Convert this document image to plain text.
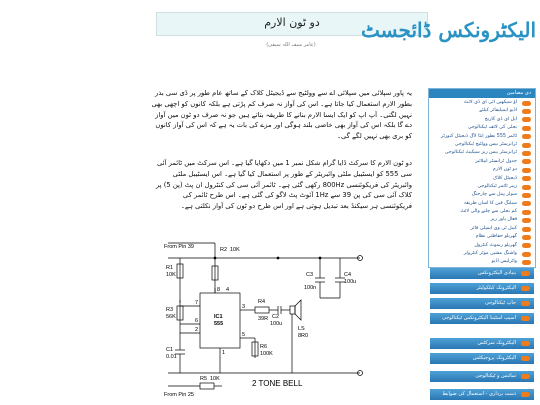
دو ٹون الارم
(عامر سیف اللہ سیفی)

یہ پاور سپلائی میں سپلائی اے سے وولٹیج سے ڈیجیٹل کلاک کے ساتھ عام طور پر ڈی سی بذر بطور الارم استعمال کیا جاتا ہے۔ اس کی آواز نہ صرف کم پڑتی ہے بلکہ کانوں کو اچھی بھی نہیں لگتی۔ آپ اپ کو ایک ایسا الارم بنانے کا طریقہ بتاتے ہیں جو نہ صرف دو ٹون میں آواز دے گا بلکہ اس کی آواز بھی خاصی بلند ہوگی اور مزے کی بات یہ ہے کہ اس کی آواز کانوں کو بری بھی نہیں لگے گی۔

دو ٹون الارم کا سرکٹ ڈایا گرام شکل نمبر 1 میں دکھایا گیا ہے۔ اس سرکٹ میں ٹائمر آئی سی 555 کو ایسٹیبل ملٹی وائبریٹر کے طور پر استعمال کیا گیا ہے۔ اس ایسٹیبل ملٹی وائبریٹر کی فریکوئنسی 800Hz رکھی گئی ہے۔ ٹائمر آئی سی کی کنٹرول ان پٹ (پن 5) پر کلاک آئی سی کی پن 39 سے 1Hz آئوٹ پٹ لاگو کی گئی ہے۔ اس طرح ٹائمر کی فریکوئنسی ہر سیکنڈ بعد تبدیل ہوتی ہے اور اس طرح دو ٹون کی آواز نکلتی ہے۔

From Pin 39
From Pin 25
R1
10K
R2 10K
R3
56K
C1
0.01
IC1
555
R4
39R C2
100u
C3
100n
C4
100u
LS
8R0
R6
100K
R5 10K
8 4
7
6
2
5
3
1
2 TONE BELL
الیکٹرونکس ڈائجسٹ
دی مضامین
آؤ سیکھیں آئی ای ڈی لائٹ
آڈیو ایمپلیفائر کیلئے
ایل ای ڈی کاریخ
بجلی کی لائف ٹیکنالوجی
ٹائمر 555 بطور ایٹا لاگ ڈیجیٹل کنورٹر
ٹرانزسٹر بیس وولٹیج ٹیکنالوجی
ٹرانزسٹر بیس ریز سیکیٹ ٹیکنالوجی
جدول ٹرانسٹر ایپلائیر
دو ٹون الارم
ڈیجیٹل کلاک
زیبر ٹائمر ٹیکنالوجی
سولر پینل سے چارجنگ
سیلنگ فین کا آسان طریقہ
کم بجلی سے چلنے والی لائٹ
فعال پاور ریز
کیبل ٹی وی ایمپلی فائر
گھریلو حفاظتی نظام
گھریلو ریموٹ کنٹرول
واشنگ مشین موٹر کنٹرولر
وائرلیس آڈیو
بنیادی الیکٹرونکس
الیکٹرونک کیلکولیٹر
جاپ ٹیکنالوجی
اسیپ اسٹینڈ الیکٹرونکس ٹیکنالوجی
الیکٹرونک سرکٹس
الیکٹرونک پروجیکٹس
سائنس و ٹیکنالوجی
دست برداری - استعمال کی ضوابط
